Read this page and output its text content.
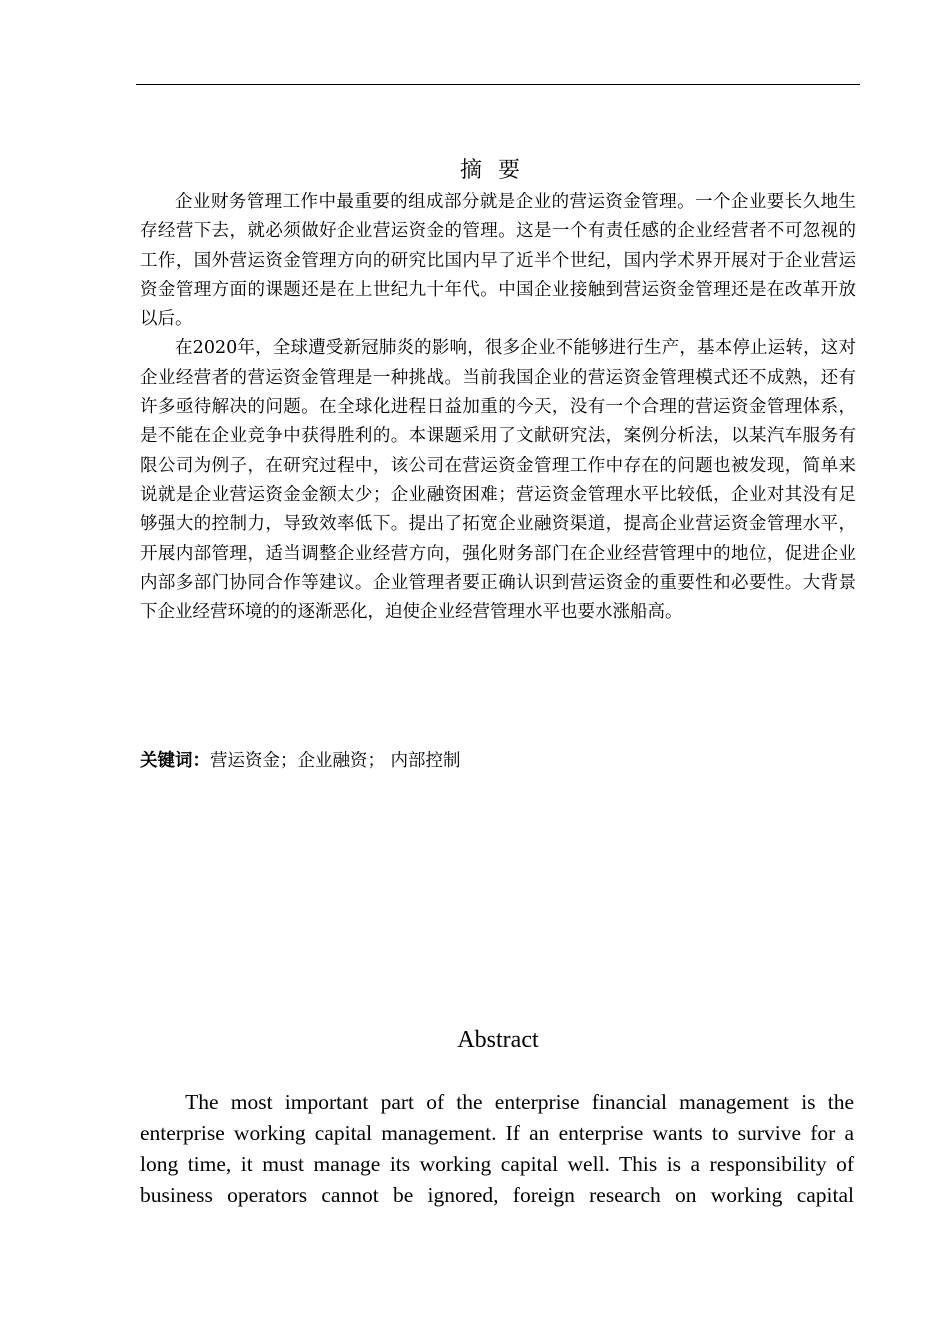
摘要

企业财务管理工作中最重要的组成部分就是企业的营运资金管理。一个企业要长久地生存经营下去，就必须做好企业营运资金的管理。这是一个有责任感的企业经营者不可忽视的工作，国外营运资金管理方向的研究比国内早了近半个世纪，国内学术界开展对于企业营运资金管理方面的课题还是在上世纪九十年代。中国企业接触到营运资金管理还是在改革开放以后。

在2020年，全球遭受新冠肺炎的影响，很多企业不能够进行生产，基本停止运转，这对企业经营者的营运资金管理是一种挑战。当前我国企业的营运资金管理模式还不成熟，还有许多亟待解决的问题。在全球化进程日益加重的今天，没有一个合理的营运资金管理体系，是不能在企业竞争中获得胜利的。本课题采用了文献研究法，案例分析法，以某汽车服务有限公司为例子，在研究过程中，该公司在营运资金管理工作中存在的问题也被发现，简单来说就是企业营运资金金额太少；企业融资困难；营运资金管理水平比较低，企业对其没有足够强大的控制力，导致效率低下。提出了拓宽企业融资渠道，提高企业营运资金管理水平，开展内部管理，适当调整企业经营方向，强化财务部门在企业经营管理中的地位，促进企业内部多部门协同合作等建议。企业管理者要正确认识到营运资金的重要性和必要性。大背景下企业经营环境的的逐渐恶化，迫使企业经营管理水平也要水涨船高。

关键词：营运资金；企业融资； 内部控制

Abstract

The most important part of the enterprise financial management is the enterprise working capital management. If an enterprise wants to survive for a long time, it must manage its working capital well. This is a responsibility of business operators cannot be ignored, foreign research on working capital
